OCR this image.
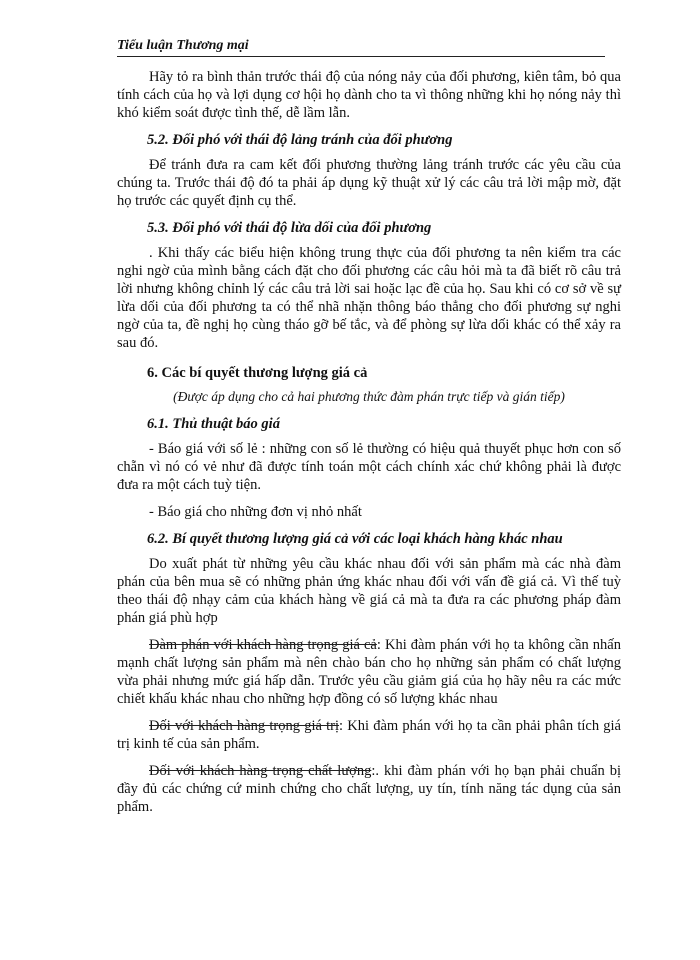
Tiểu luận Thương mại

Hãy tỏ ra bình thản trước thái độ của nóng nảy của đối phương, kiên tâm, bỏ qua tính cách của họ và lợi dụng cơ hội họ dành cho ta vì thông những khi họ nóng nảy thì khó kiểm soát được tình thế, dễ lầm lẫn.

5.2. Đối phó với thái độ lảng tránh của đối phương

Để tránh đưa ra cam kết đối phương thường lảng tránh trước các yêu cầu của chúng ta. Trước thái độ đó ta phải áp dụng kỹ thuật xử lý các câu trả lời mập mờ, đặt họ trước các quyết định cụ thể.

5.3. Đối phó với thái độ lừa dối của đối phương

. Khi thấy các biểu hiện không trung thực của đối phương ta nên kiểm tra các nghi ngờ của mình bằng cách đặt cho đối phương các câu hỏi mà ta đã biết rõ câu trả lời nhưng không chỉnh lý các câu trả lời sai hoặc lạc đề của họ. Sau khi có cơ sở về sự lừa dối của đối phương ta có thể nhã nhặn thông báo thẳng cho đối phương sự nghi ngờ của ta, đề nghị họ cùng tháo gỡ bế tắc, và để phòng sự lừa dối khác có thể xảy ra sau đó.

6. Các bí quyết thương lượng giá cả

(Được áp dụng cho cả hai phương thức đàm phán trực tiếp và gián tiếp)

6.1. Thủ thuật báo giá

- Báo giá với số lẻ : những con số lẻ thường có hiệu quả thuyết phục hơn con số chẵn vì nó có vẻ như đã được tính toán một cách chính xác chứ không phải là được đưa ra một cách tuỳ tiện.

- Báo giá cho những đơn vị nhỏ nhất

6.2. Bí quyết thương lượng giá cả với các loại khách hàng khác nhau

Do xuất phát từ những yêu cầu khác nhau đối với sản phẩm mà các nhà đàm phán của bên mua sẽ có những phản ứng khác nhau đối với vấn đề giá cả. Vì thế tuỳ theo thái độ nhạy cảm của khách hàng về giá cả mà ta đưa ra các phương pháp đàm phán giá phù hợp

Đàm phán với khách hàng trọng giá cả: Khi đàm phán với họ ta không cần nhấn mạnh chất lượng sản phẩm mà nên chào bán cho họ những sản phẩm có chất lượng vừa phải nhưng mức giá hấp dẫn. Trước yêu cầu giảm giá của họ hãy nêu ra các mức chiết khấu khác nhau cho những hợp đồng có số lượng khác nhau

Đối với khách hàng trọng giá trị: Khi đàm phán với họ ta cần phải phân tích giá trị kinh tế của sản phẩm.

Đối với khách hàng trọng chất lượng:. khi đàm phán với họ bạn phải chuẩn bị đầy đủ các chứng cứ minh chứng cho chất lượng, uy tín, tính năng tác dụng của sản phẩm.
